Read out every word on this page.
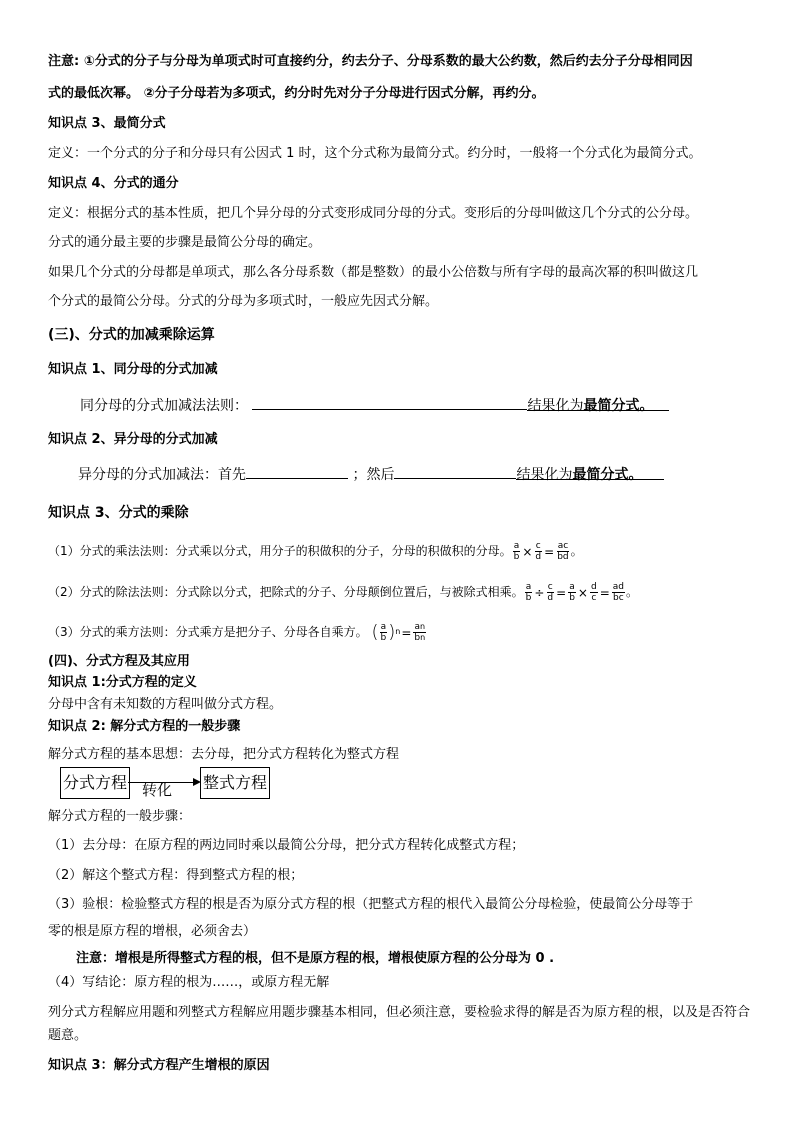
注意: ①分式的分子与分母为单项式时可直接约分，约去分子、分母系数的最大公约数，然后约去分子分母相同因
式的最低次幂。 ②分子分母若为多项式，约分时先对分子分母进行因式分解，再约分。
知识点 3、最简分式
定义：一个分式的分子和分母只有公因式 1 时，这个分式称为最简分式。约分时，一般将一个分式化为最简分式。
知识点 4、分式的通分
定义：根据分式的基本性质，把几个异分母的分式变形成同分母的分式。变形后的分母叫做这几个分式的公分母。
分式的通分最主要的步骤是最简公分母的确定。
如果几个分式的分母都是单项式，那么各分母系数（都是整数）的最小公倍数与所有字母的最高次幂的积叫做这几
个分式的最简公分母。分式的分母为多项式时，一般应先因式分解。
(三)、分式的加减乘除运算
知识点 1、同分母的分式加减
同分母的分式加减法法则：	结果化为最简分式。
知识点 2、异分母的分式加减
异分母的分式加减法：首先	；然后	结果化为最简分式。
知识点 3、分式的乘除
（1）分式的乘法法则：分式乘以分式，用分子的积做积的分子，分母的积做积的分母。 $\frac{a}{b} \times \frac{c}{d} = \frac{ac}{bd}$ 。
（2）分式的除法法则：分式除以分式，把除式的分子、分母颠倒位置后，与被除式相乘。 $\frac{a}{b} \div \frac{c}{d} = \frac{a}{b} \times \frac{d}{c} = \frac{ad}{bc}$ 。
（3）分式的乘方法则：分式乘方是把分子、分母各自乘方。 ( $\frac{a}{b} )^n= \frac{an}{bn}$
(四)、分式方程及其应用
知识点 1:分式方程的定义
分母中含有未知数的方程叫做分式方程。
知识点 2: 解分式方程的一般步骤
解分式方程的基本思想：去分母，把分式方程转化为整式方程
分式方程 转化 整式方程
解分式方程的一般步骤：
（1）去分母：在原方程的两边同时乘以最简公分母，把分式方程转化成整式方程；
（2）解这个整式方程：得到整式方程的根；
（3）验根：检验整式方程的根是否为原分式方程的根（把整式方程的根代入最简公分母检验，使最简公分母等于
零的根是原方程的增根，必须舍去）
注意：增根是所得整式方程的根，但不是原方程的根，增根使原方程的公分母为 0 .
（4）写结论：原方程的根为……，或原方程无解
列分式方程解应用题和列整式方程解应用题步骤基本相同，但必须注意，要检验求得的解是否为原方程的根，以及是否符合题意。
知识点 3：解分式方程产生增根的原因
